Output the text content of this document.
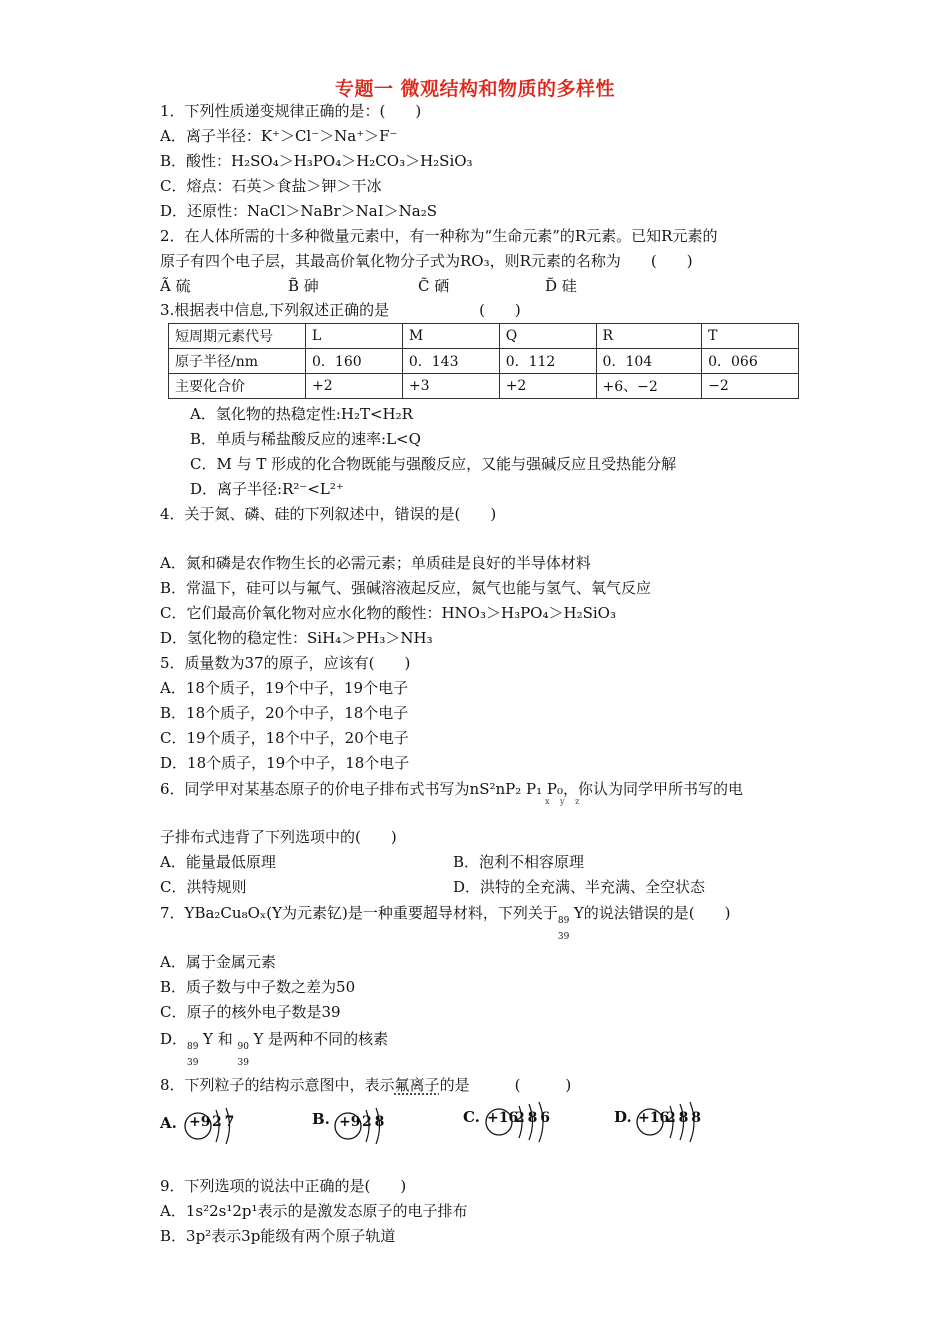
专题一 微观结构和物质的多样性
1．下列性质递变规律正确的是：(　　)
A．离子半径：K⁺＞Cl⁻＞Na⁺＞F⁻
B．酸性：H₂SO₄＞H₃PO₄＞H₂CO₃＞H₂SiO₃
C．熔点：石英＞食盐＞钾＞干冰
D．还原性：NaCl＞NaBr＞NaI＞Na₂S
2．在人体所需的十多种微量元素中，有一种称为“生命元素”的R元素。已知R元素的
原子有四个电子层，其最高价氧化物分子式为RO₃，则R元素的名称为　　(　　)
Ã 硫	B̃ 砷	C̃ 硒	D̃ 硅
3.根据表中信息,下列叙述正确的是　　　　　　(　　)
短周期元素代号	L	M	Q	R	T
原子半径/nm	0．160	0．143	0．112	0．104	0．066
主要化合价	+2	+3	+2	+6、−2	−2
A．氢化物的热稳定性:H₂T<H₂R
B．单质与稀盐酸反应的速率:L<Q
C．M 与 T 形成的化合物既能与强酸反应，又能与强碱反应且受热能分解
D．离子半径:R²⁻<L²⁺
4．关于氮、磷、硅的下列叙述中，错误的是(　　)
A．氮和磷是农作物生长的必需元素；单质硅是良好的半导体材料
B．常温下，硅可以与氟气、强碱溶液起反应，氮气也能与氢气、氧气反应
C．它们最高价氧化物对应水化物的酸性：HNO₃＞H₃PO₄＞H₂SiO₃
D．氢化物的稳定性：SiH₄＞PH₃＞NH₃
5．质量数为37的原子，应该有(　　)
A．18个质子，19个中子，19个电子
B．18个质子，20个中子，18个电子
C．19个质子，18个中子，20个电子
D．18个质子，19个中子，18个电子
6．同学甲对某基态原子的价电子排布式书写为nS²nP₂ P₁ P₀，你认为同学甲所书写的电
x　 y　 z
子排布式违背了下列选项中的(　　)
A．能量最低原理	B．泡利不相容原理
C．洪特规则	D．洪特的全充满、半充满、全空状态
7．YBa₂Cu₈Oₓ(Y为元素钇)是一种重要超导材料，下列关于 89
39
Y的说法错误的是(　　)
A．属于金属元素
B．质子数与中子数之差为50
C．原子的核外电子数是39
D． 89
39
Y 和 90
39
Y 是两种不同的核素
8．下列粒子的结构示意图中，表示氟离子的是　　　(　　　)
A. +9 2 7	B. +9 2 8	C. +16
2 8 6	D. +16
2 8 8
9．下列选项的说法中正确的是(　　)
A．1s²2s¹2p¹表示的是激发态原子的电子排布
B．3p²表示3p能级有两个原子轨道
